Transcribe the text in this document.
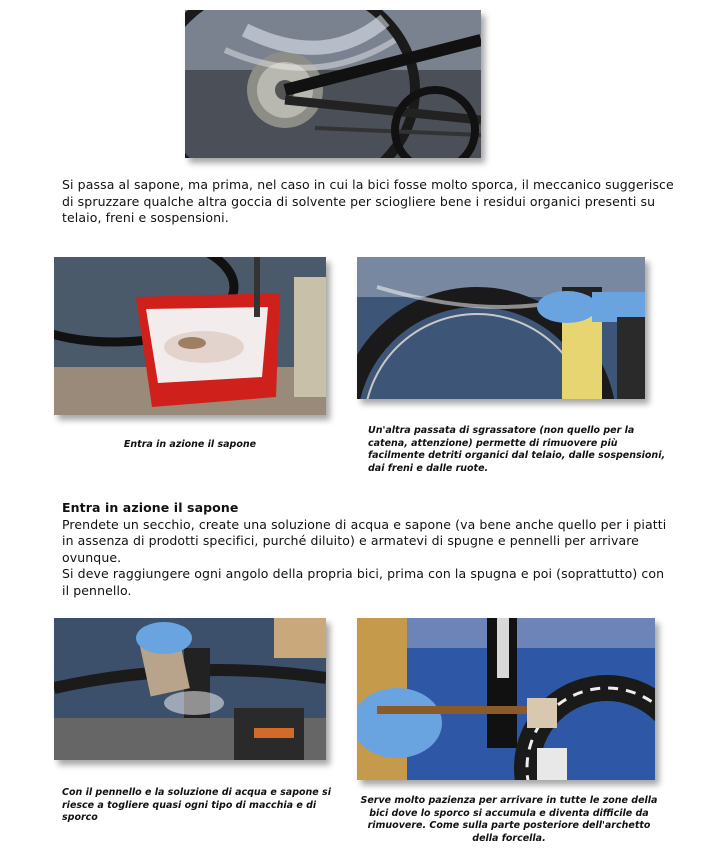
Si passa al sapone, ma prima, nel caso in cui la bici fosse molto sporca, il meccanico suggerisce
di spruzzare qualche altra goccia di solvente per sciogliere bene i residui organici presenti su
telaio, freni e sospensioni.
Entra in azione il sapone
Un'altra passata di sgrassatore (non quello per la
catena, attenzione) permette di rimuovere più
facilmente detriti organici dal telaio, dalle sospensioni,
dai freni e dalle ruote.
Entra in azione il sapone
Prendete un secchio, create una soluzione di acqua e sapone (va bene anche quello per i piatti
in assenza di prodotti specifici, purché diluito) e armatevi di spugne e pennelli per arrivare
ovunque.
Si deve raggiungere ogni angolo della propria bici, prima con la spugna e poi (soprattutto) con
il pennello.
Con il pennello e la soluzione di acqua e sapone si
riesce a togliere quasi ogni tipo di macchia e di
sporco
Serve molto pazienza per arrivare in tutte le zone della
bici dove lo sporco si accumula e diventa difficile da
rimuovere. Come sulla parte posteriore dell'archetto
della forcella.
